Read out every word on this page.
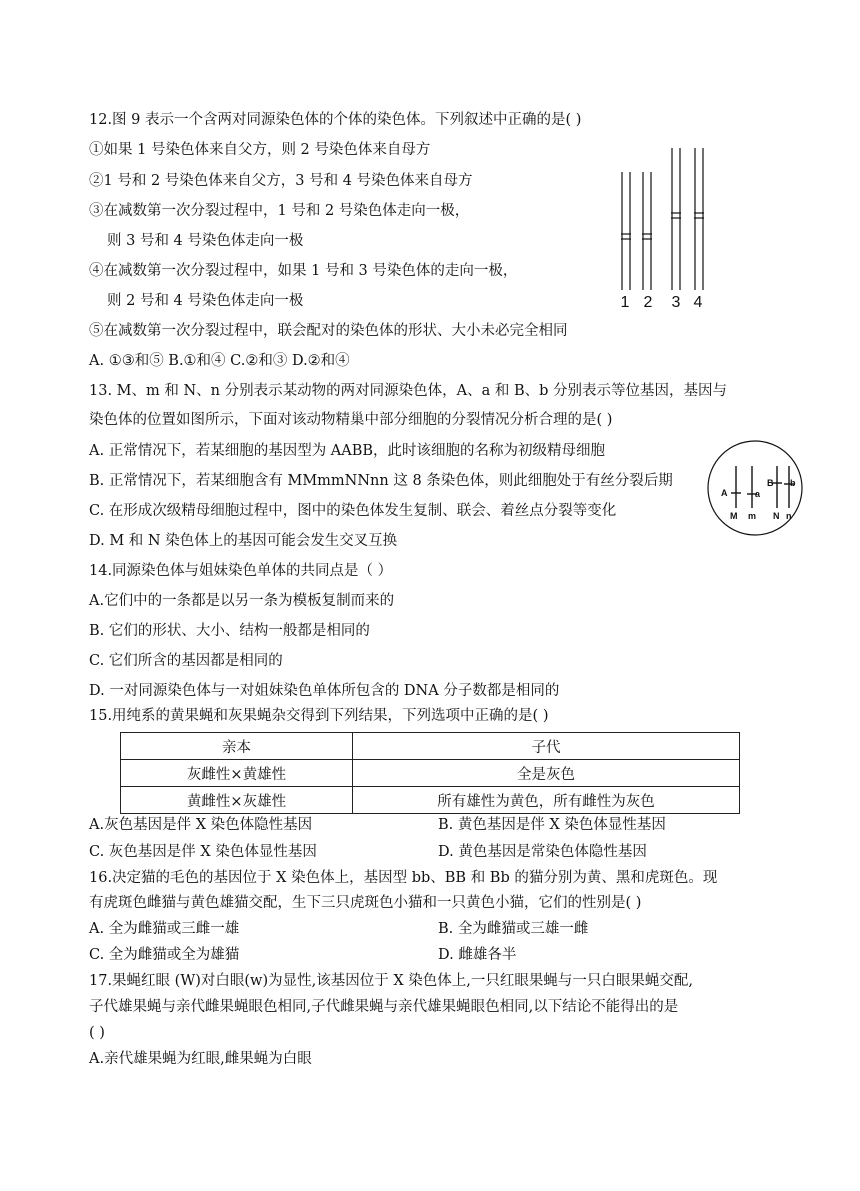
12.图 9 表示一个含两对同源染色体的个体的染色体。下列叙述中正确的是( )
①如果 1 号染色体来自父方，则 2 号染色体来自母方
②1 号和 2 号染色体来自父方，3 号和 4 号染色体来自母方
③在减数第一次分裂过程中，1 号和 2 号染色体走向一极，
则 3 号和 4 号染色体走向一极
④在减数第一次分裂过程中，如果 1 号和 3 号染色体的走向一极，
则 2 号和 4 号染色体走向一极
⑤在减数第一次分裂过程中，联会配对的染色体的形状、大小未必完全相同
A. ①③和⑤ B.①和④ C.②和③ D.②和④
1 2 3 4
13. M、m 和 N、n 分别表示某动物的两对同源染色体，A、a 和 B、b 分别表示等位基因，基因与
染色体的位置如图所示，下面对该动物精巢中部分细胞的分裂情况分析合理的是( )
A. 正常情况下，若某细胞的基因型为 AABB，此时该细胞的名称为初级精母细胞
B. 正常情况下，若某细胞含有 MMmmNNnn 这 8 条染色体，则此细胞处于有丝分裂后期
C. 在形成次级精母细胞过程中，图中的染色体发生复制、联会、着丝点分裂等变化
D. M 和 N 染色体上的基因可能会发生交叉互换
A	a
B b
M m N n
14.同源染色体与姐妹染色单体的共同点是（ ）
A.它们中的一条都是以另一条为模板复制而来的
B. 它们的形状、大小、结构一般都是相同的
C. 它们所含的基因都是相同的
D. 一对同源染色体与一对姐妹染色单体所包含的 DNA 分子数都是相同的
15.用纯系的黄果蝇和灰果蝇杂交得到下列结果，下列选项中正确的是( )
亲本	子代
灰雌性×黄雄性	全是灰色
黄雌性×灰雄性	所有雄性为黄色，所有雌性为灰色
A.灰色基因是伴 X 染色体隐性基因	B. 黄色基因是伴 X 染色体显性基因
C. 灰色基因是伴 X 染色体显性基因	D. 黄色基因是常染色体隐性基因
16.决定猫的毛色的基因位于 X 染色体上，基因型 bb、BB 和 Bb 的猫分别为黄、黑和虎斑色。现
有虎斑色雌猫与黄色雄猫交配，生下三只虎斑色小猫和一只黄色小猫，它们的性别是( )
A. 全为雌猫或三雌一雄	B. 全为雌猫或三雄一雌
C. 全为雌猫或全为雄猫	D. 雌雄各半
17.果蝇红眼 (W)对白眼(w)为显性,该基因位于 X 染色体上,一只红眼果蝇与一只白眼果蝇交配,
子代雄果蝇与亲代雌果蝇眼色相同,子代雌果蝇与亲代雄果蝇眼色相同,以下结论不能得出的是
( )
A.亲代雄果蝇为红眼,雌果蝇为白眼
